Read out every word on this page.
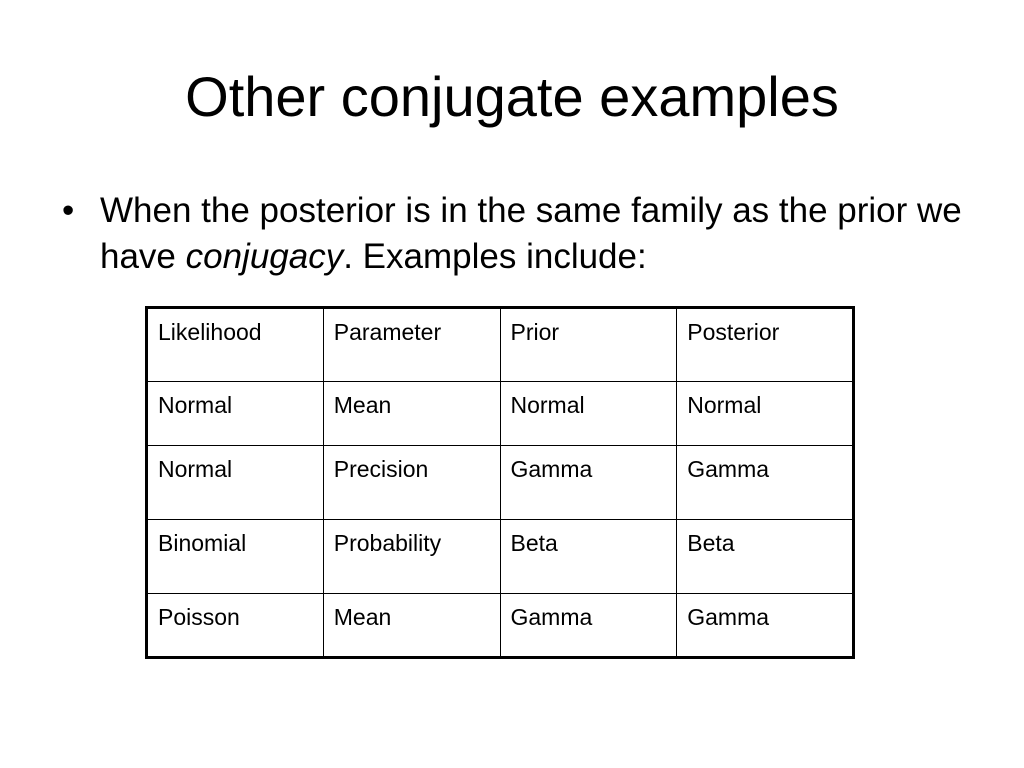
Other conjugate examples
• When the posterior is in the same family as the prior we have conjugacy. Examples include:
Likelihood	Parameter	Prior	Posterior
Normal	Mean	Normal	Normal
Normal	Precision	Gamma	Gamma
Binomial	Probability	Beta	Beta
Poisson	Mean	Gamma	Gamma
